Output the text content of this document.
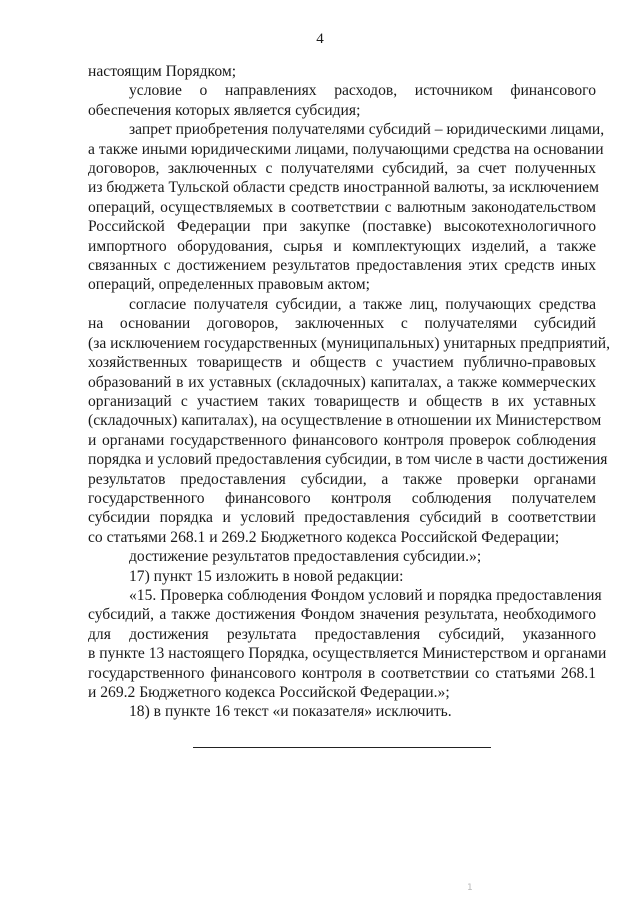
4
настоящим Порядком;
условие о направлениях расходов, источником финансового
обеспечения которых является субсидия;
запрет приобретения получателями субсидий – юридическими лицами,
а также иными юридическими лицами, получающими средства на основании
договоров, заключенных с получателями субсидий, за счет полученных
из бюджета Тульской области средств иностранной валюты, за исключением
операций, осуществляемых в соответствии с валютным законодательством
Российской Федерации при закупке (поставке) высокотехнологичного
импортного оборудования, сырья и комплектующих изделий, а также
связанных с достижением результатов предоставления этих средств иных
операций, определенных правовым актом;
согласие получателя субсидии, а также лиц, получающих средства
на основании договоров, заключенных с получателями субсидий
(за исключением государственных (муниципальных) унитарных предприятий,
хозяйственных товариществ и обществ с участием публично-правовых
образований в их уставных (складочных) капиталах, а также коммерческих
организаций с участием таких товариществ и обществ в их уставных
(складочных) капиталах), на осуществление в отношении их Министерством
и органами государственного финансового контроля проверок соблюдения
порядка и условий предоставления субсидии, в том числе в части достижения
результатов предоставления субсидии, а также проверки органами
государственного финансового контроля соблюдения получателем
субсидии порядка и условий предоставления субсидий в соответствии
со статьями 268.1 и 269.2 Бюджетного кодекса Российской Федерации;
достижение результатов предоставления субсидии.»;
17) пункт 15 изложить в новой редакции:
«15. Проверка соблюдения Фондом условий и порядка предоставления
субсидий, а также достижения Фондом значения результата, необходимого
для достижения результата предоставления субсидий, указанного
в пункте 13 настоящего Порядка, осуществляется Министерством и органами
государственного финансового контроля в соответствии со статьями 268.1
и 269.2 Бюджетного кодекса Российской Федерации.»;
18) в пункте 16 текст «и показателя» исключить.
1
